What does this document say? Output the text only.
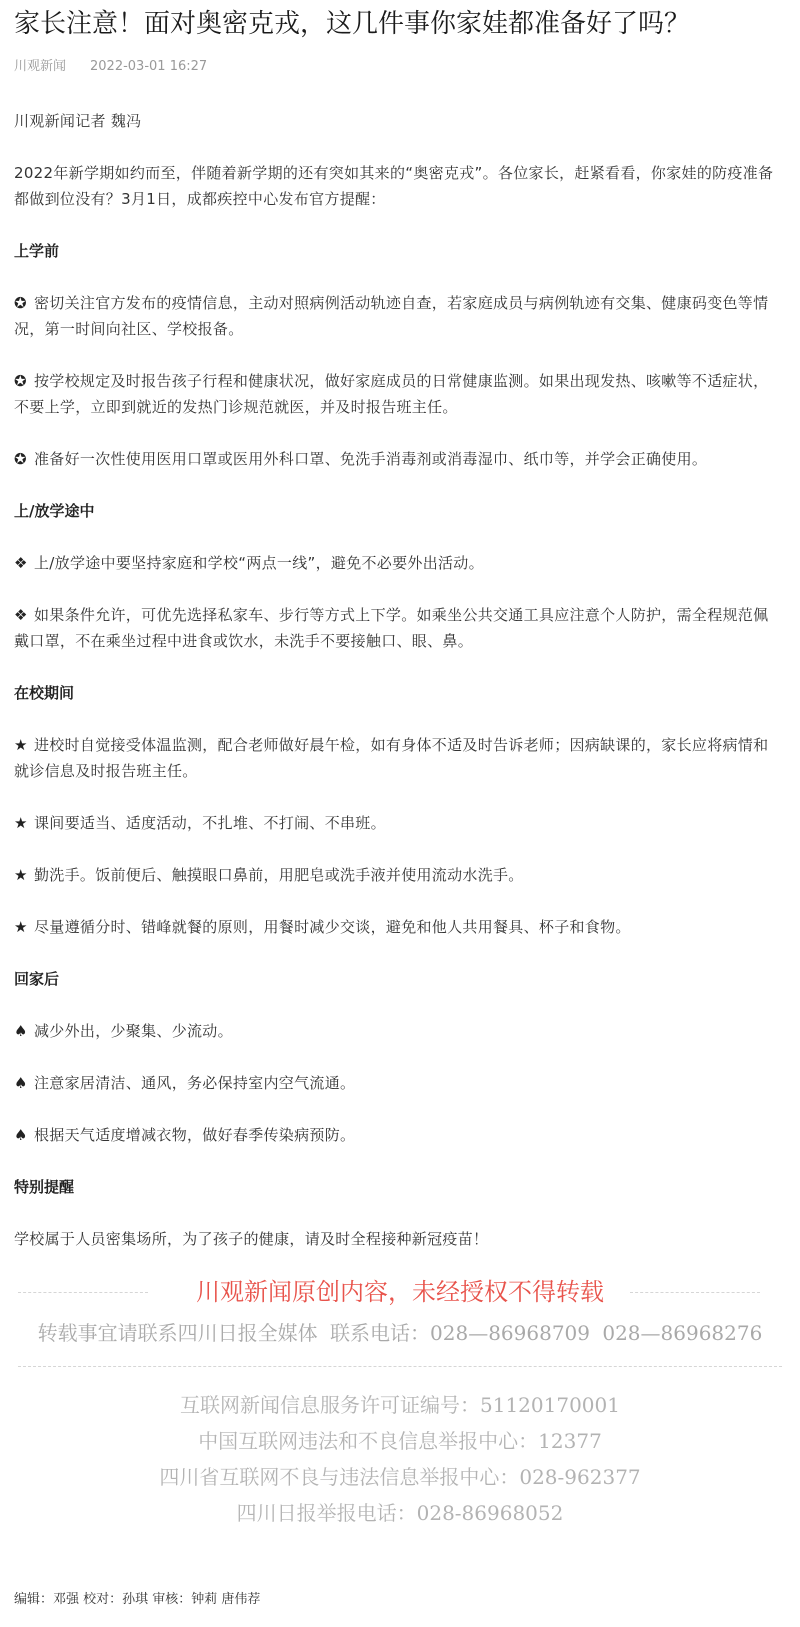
家长注意！面对奥密克戎，这几件事你家娃都准备好了吗？
川观新闻 2022-03-01 16:27

川观新闻记者 魏冯

2022年新学期如约而至，伴随着新学期的还有突如其来的“奥密克戎”。各位家长，赶紧看看，你家娃的防疫准备都做到位没有？3月1日，成都疾控中心发布官方提醒：

上学前

✪ 密切关注官方发布的疫情信息，主动对照病例活动轨迹自查，若家庭成员与病例轨迹有交集、健康码变色等情况，第一时间向社区、学校报备。

✪ 按学校规定及时报告孩子行程和健康状况，做好家庭成员的日常健康监测。如果出现发热、咳嗽等不适症状，不要上学，立即到就近的发热门诊规范就医，并及时报告班主任。

✪ 准备好一次性使用医用口罩或医用外科口罩、免洗手消毒剂或消毒湿巾、纸巾等，并学会正确使用。

上/放学途中

❖ 上/放学途中要坚持家庭和学校“两点一线”，避免不必要外出活动。

❖ 如果条件允许，可优先选择私家车、步行等方式上下学。如乘坐公共交通工具应注意个人防护，需全程规范佩戴口罩，不在乘坐过程中进食或饮水，未洗手不要接触口、眼、鼻。

在校期间

★ 进校时自觉接受体温监测，配合老师做好晨午检，如有身体不适及时告诉老师；因病缺课的，家长应将病情和就诊信息及时报告班主任。

★ 课间要适当、适度活动，不扎堆、不打闹、不串班。

★ 勤洗手。饭前便后、触摸眼口鼻前，用肥皂或洗手液并使用流动水洗手。

★ 尽量遵循分时、错峰就餐的原则，用餐时减少交谈，避免和他人共用餐具、杯子和食物。

回家后

♠ 减少外出，少聚集、少流动。

♠ 注意家居清洁、通风，务必保持室内空气流通。

♠ 根据天气适度增减衣物，做好春季传染病预防。

特别提醒

学校属于人员密集场所，为了孩子的健康，请及时全程接种新冠疫苗！

川观新闻原创内容，未经授权不得转载
转载事宜请联系四川日报全媒体 联系电话：028—86968709 028—86968276
互联网新闻信息服务许可证编号：51120170001
中国互联网违法和不良信息举报中心：12377
四川省互联网不良与违法信息举报中心：028-962377
四川日报举报电话：028-86968052
编辑：邓强 校对：孙琪 审核：钟莉 唐伟荐
